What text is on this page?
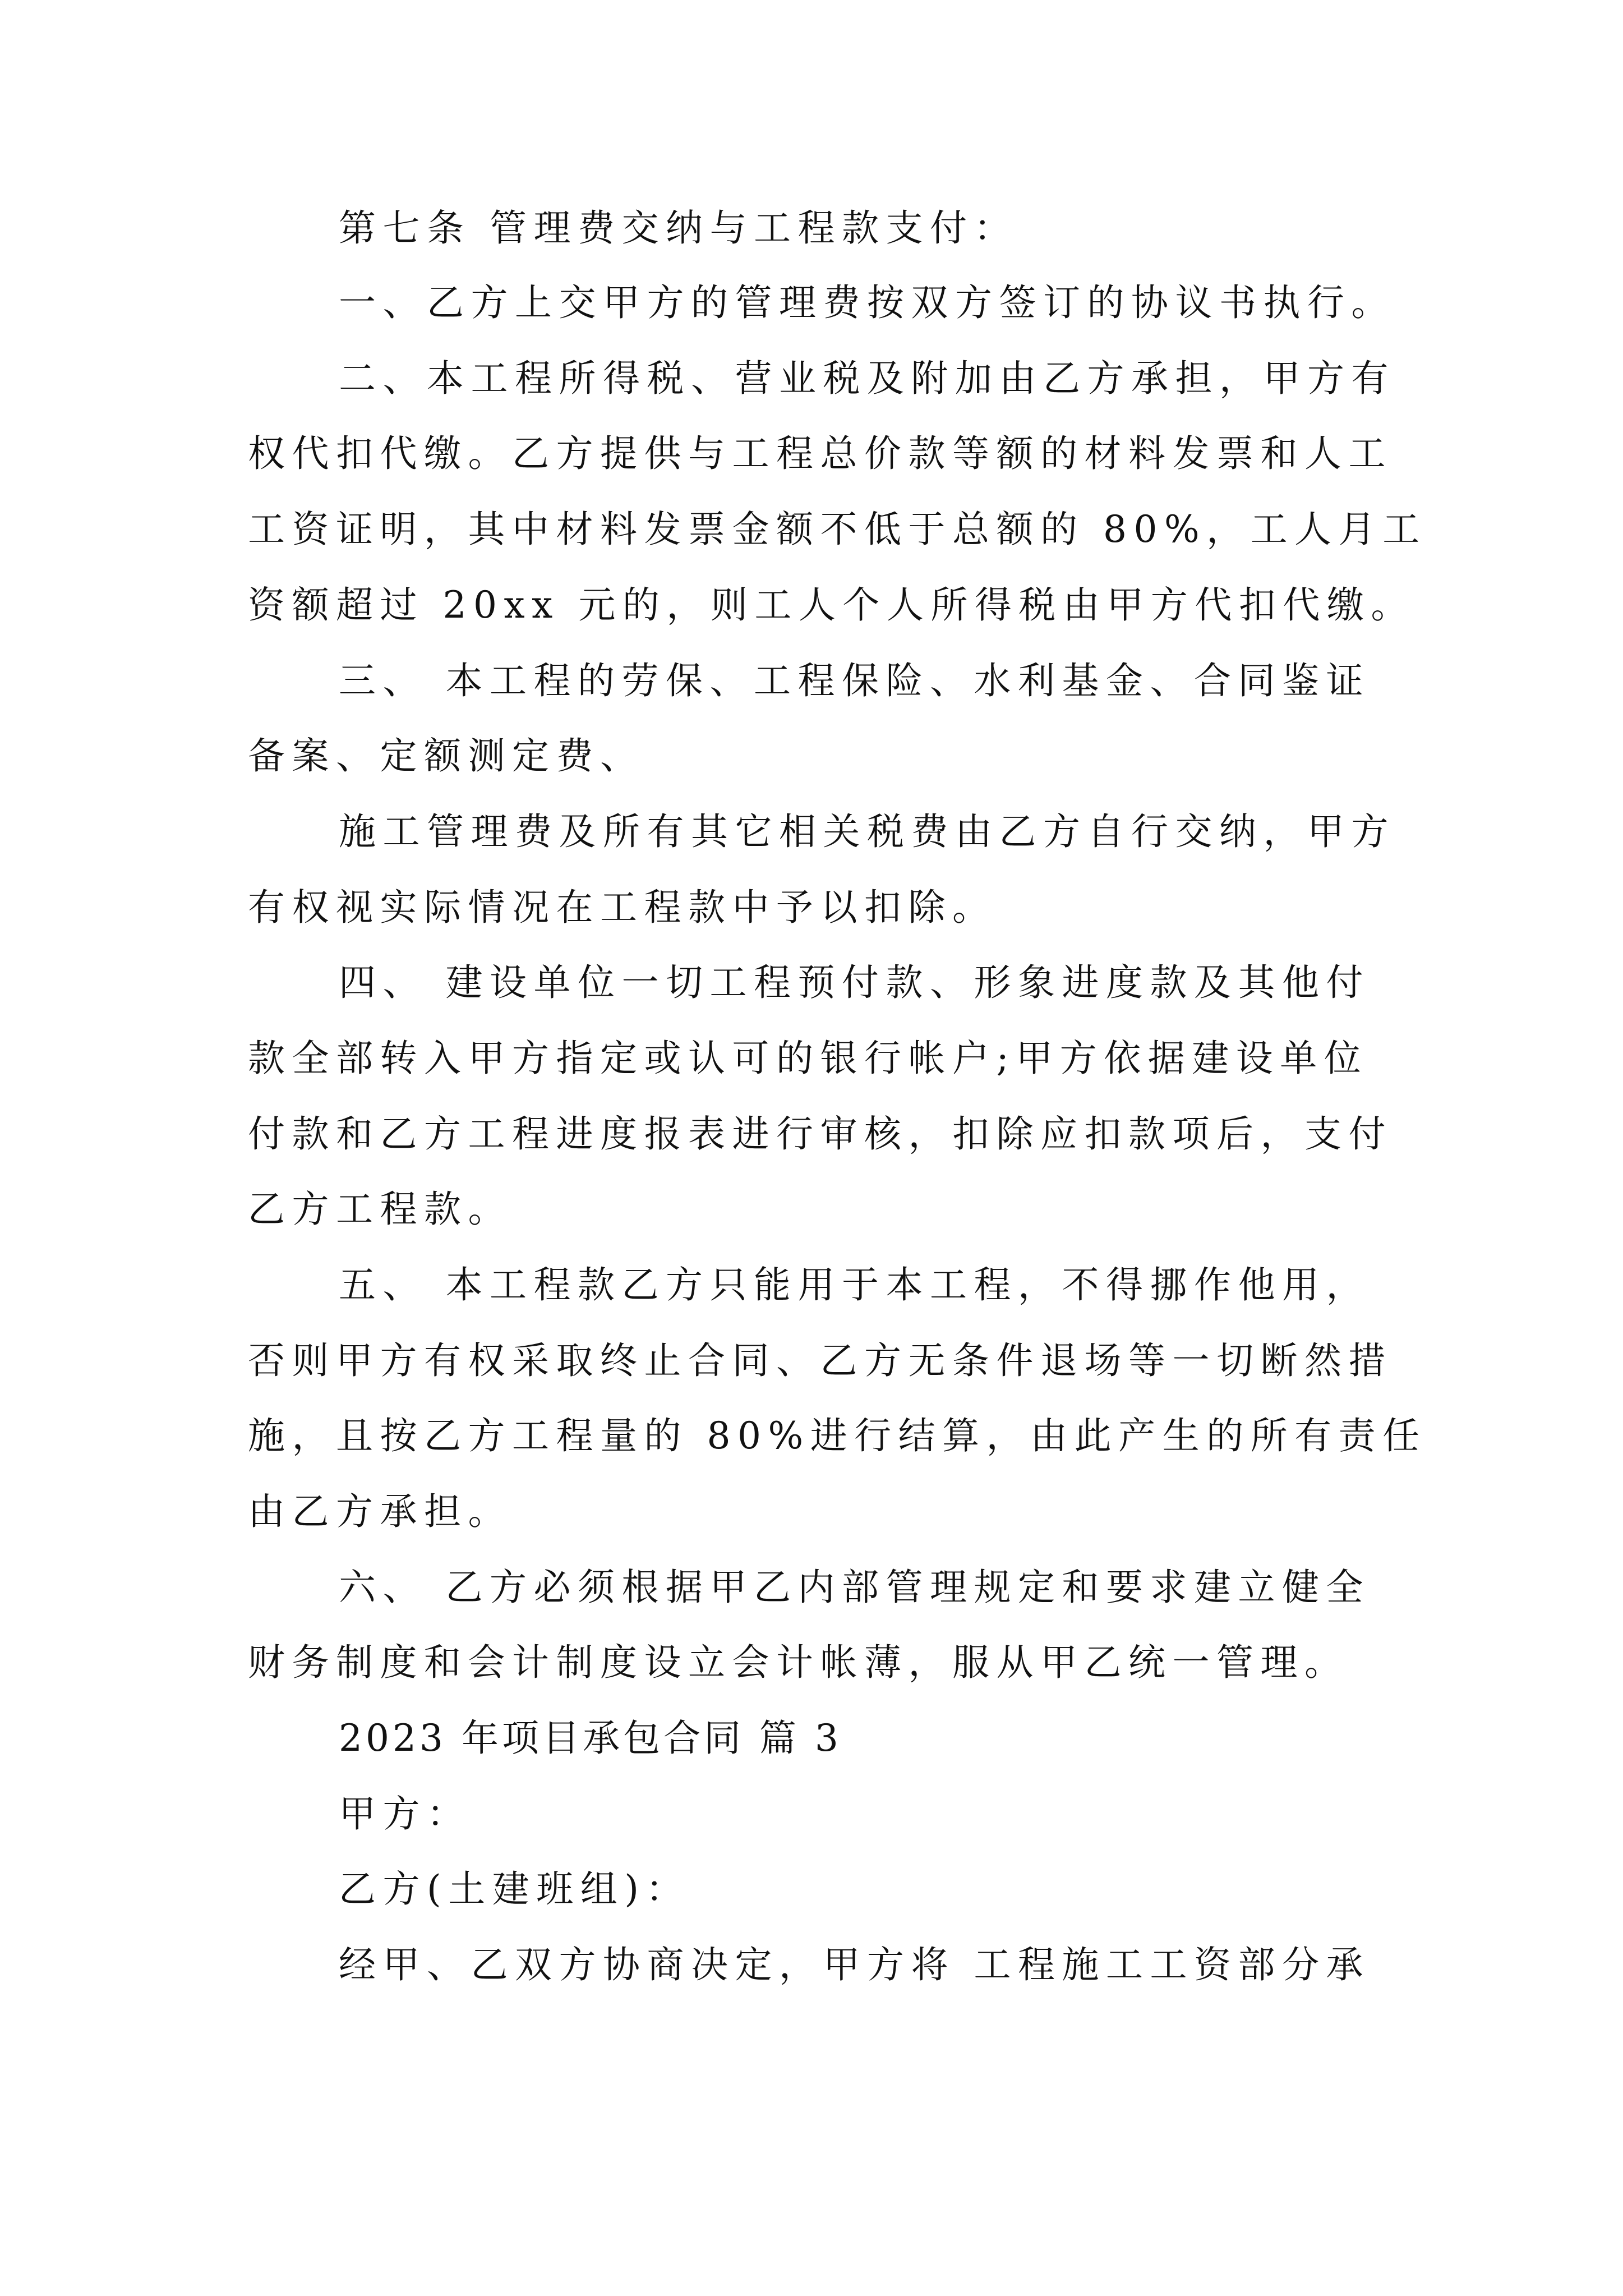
第七条 管理费交纳与工程款支付：
一、乙方上交甲方的管理费按双方签订的协议书执行。
二、本工程所得税、营业税及附加由乙方承担，甲方有
权代扣代缴。乙方提供与工程总价款等额的材料发票和人工
工资证明，其中材料发票金额不低于总额的 80%，工人月工
资额超过 20xx 元的，则工人个人所得税由甲方代扣代缴。
三、 本工程的劳保、工程保险、水利基金、合同鉴证
备案、定额测定费、
施工管理费及所有其它相关税费由乙方自行交纳，甲方
有权视实际情况在工程款中予以扣除。
四、 建设单位一切工程预付款、形象进度款及其他付
款全部转入甲方指定或认可的银行帐户;甲方依据建设单位
付款和乙方工程进度报表进行审核，扣除应扣款项后，支付
乙方工程款。
五、 本工程款乙方只能用于本工程，不得挪作他用，
否则甲方有权采取终止合同、乙方无条件退场等一切断然措
施，且按乙方工程量的 80%进行结算，由此产生的所有责任
由乙方承担。
六、 乙方必须根据甲乙内部管理规定和要求建立健全
财务制度和会计制度设立会计帐薄，服从甲乙统一管理。
2023 年项目承包合同 篇 3
甲方：
乙方(土建班组)：
经甲、乙双方协商决定，甲方将 工程施工工资部分承
